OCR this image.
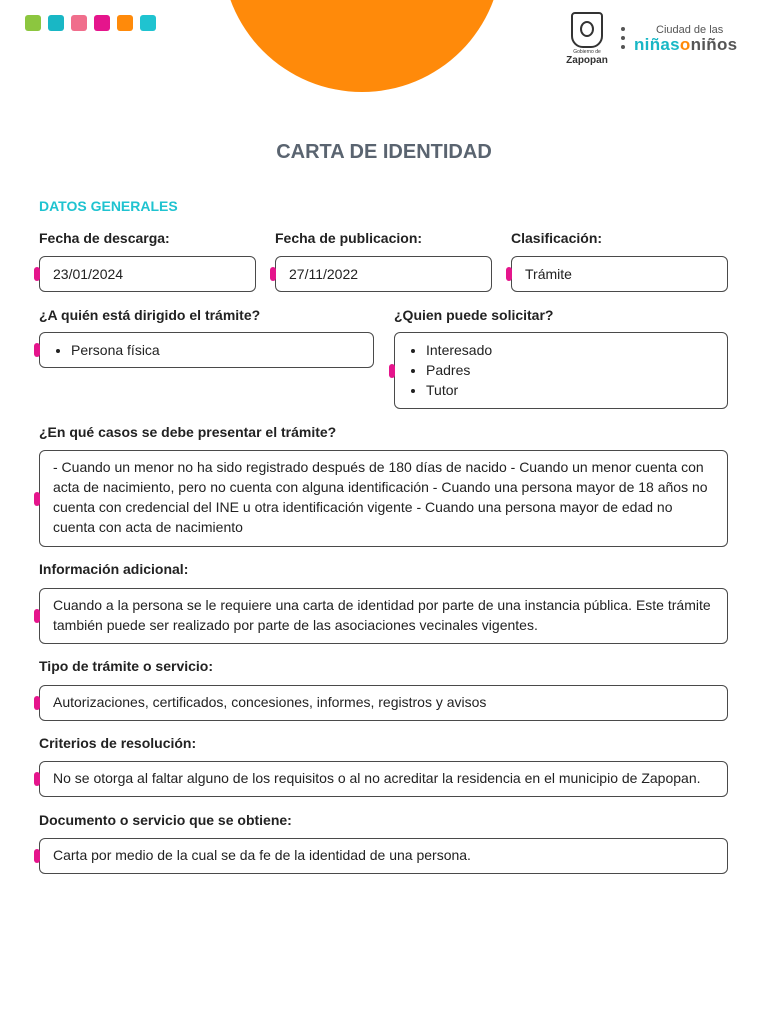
Gobierno de
Zapopan
Ciudad de las
niñasoniños
CARTA DE IDENTIDAD
DATOS GENERALES
Fecha de descarga:
23/01/2024
Fecha de publicacion:
27/11/2022
Clasificación:
Trámite
¿A quién está dirigido el trámite?
• Persona física
¿Quien puede solicitar?
• Interesado
• Padres
• Tutor
¿En qué casos se debe presentar el trámite?
- Cuando un menor no ha sido registrado después de 180 días de nacido - Cuando un menor cuenta con acta de nacimiento, pero no cuenta con alguna identificación - Cuando una persona mayor de 18 años no cuenta con credencial del INE u otra identificación vigente - Cuando una persona mayor de edad no cuenta con acta de nacimiento
Información adicional:
Cuando a la persona se le requiere una carta de identidad por parte de una instancia pública. Este trámite también puede ser realizado por parte de las asociaciones vecinales vigentes.
Tipo de trámite o servicio:
Autorizaciones, certificados, concesiones, informes, registros y avisos
Criterios de resolución:
No se otorga al faltar alguno de los requisitos o al no acreditar la residencia en el municipio de Zapopan.
Documento o servicio que se obtiene:
Carta por medio de la cual se da fe de la identidad de una persona.
